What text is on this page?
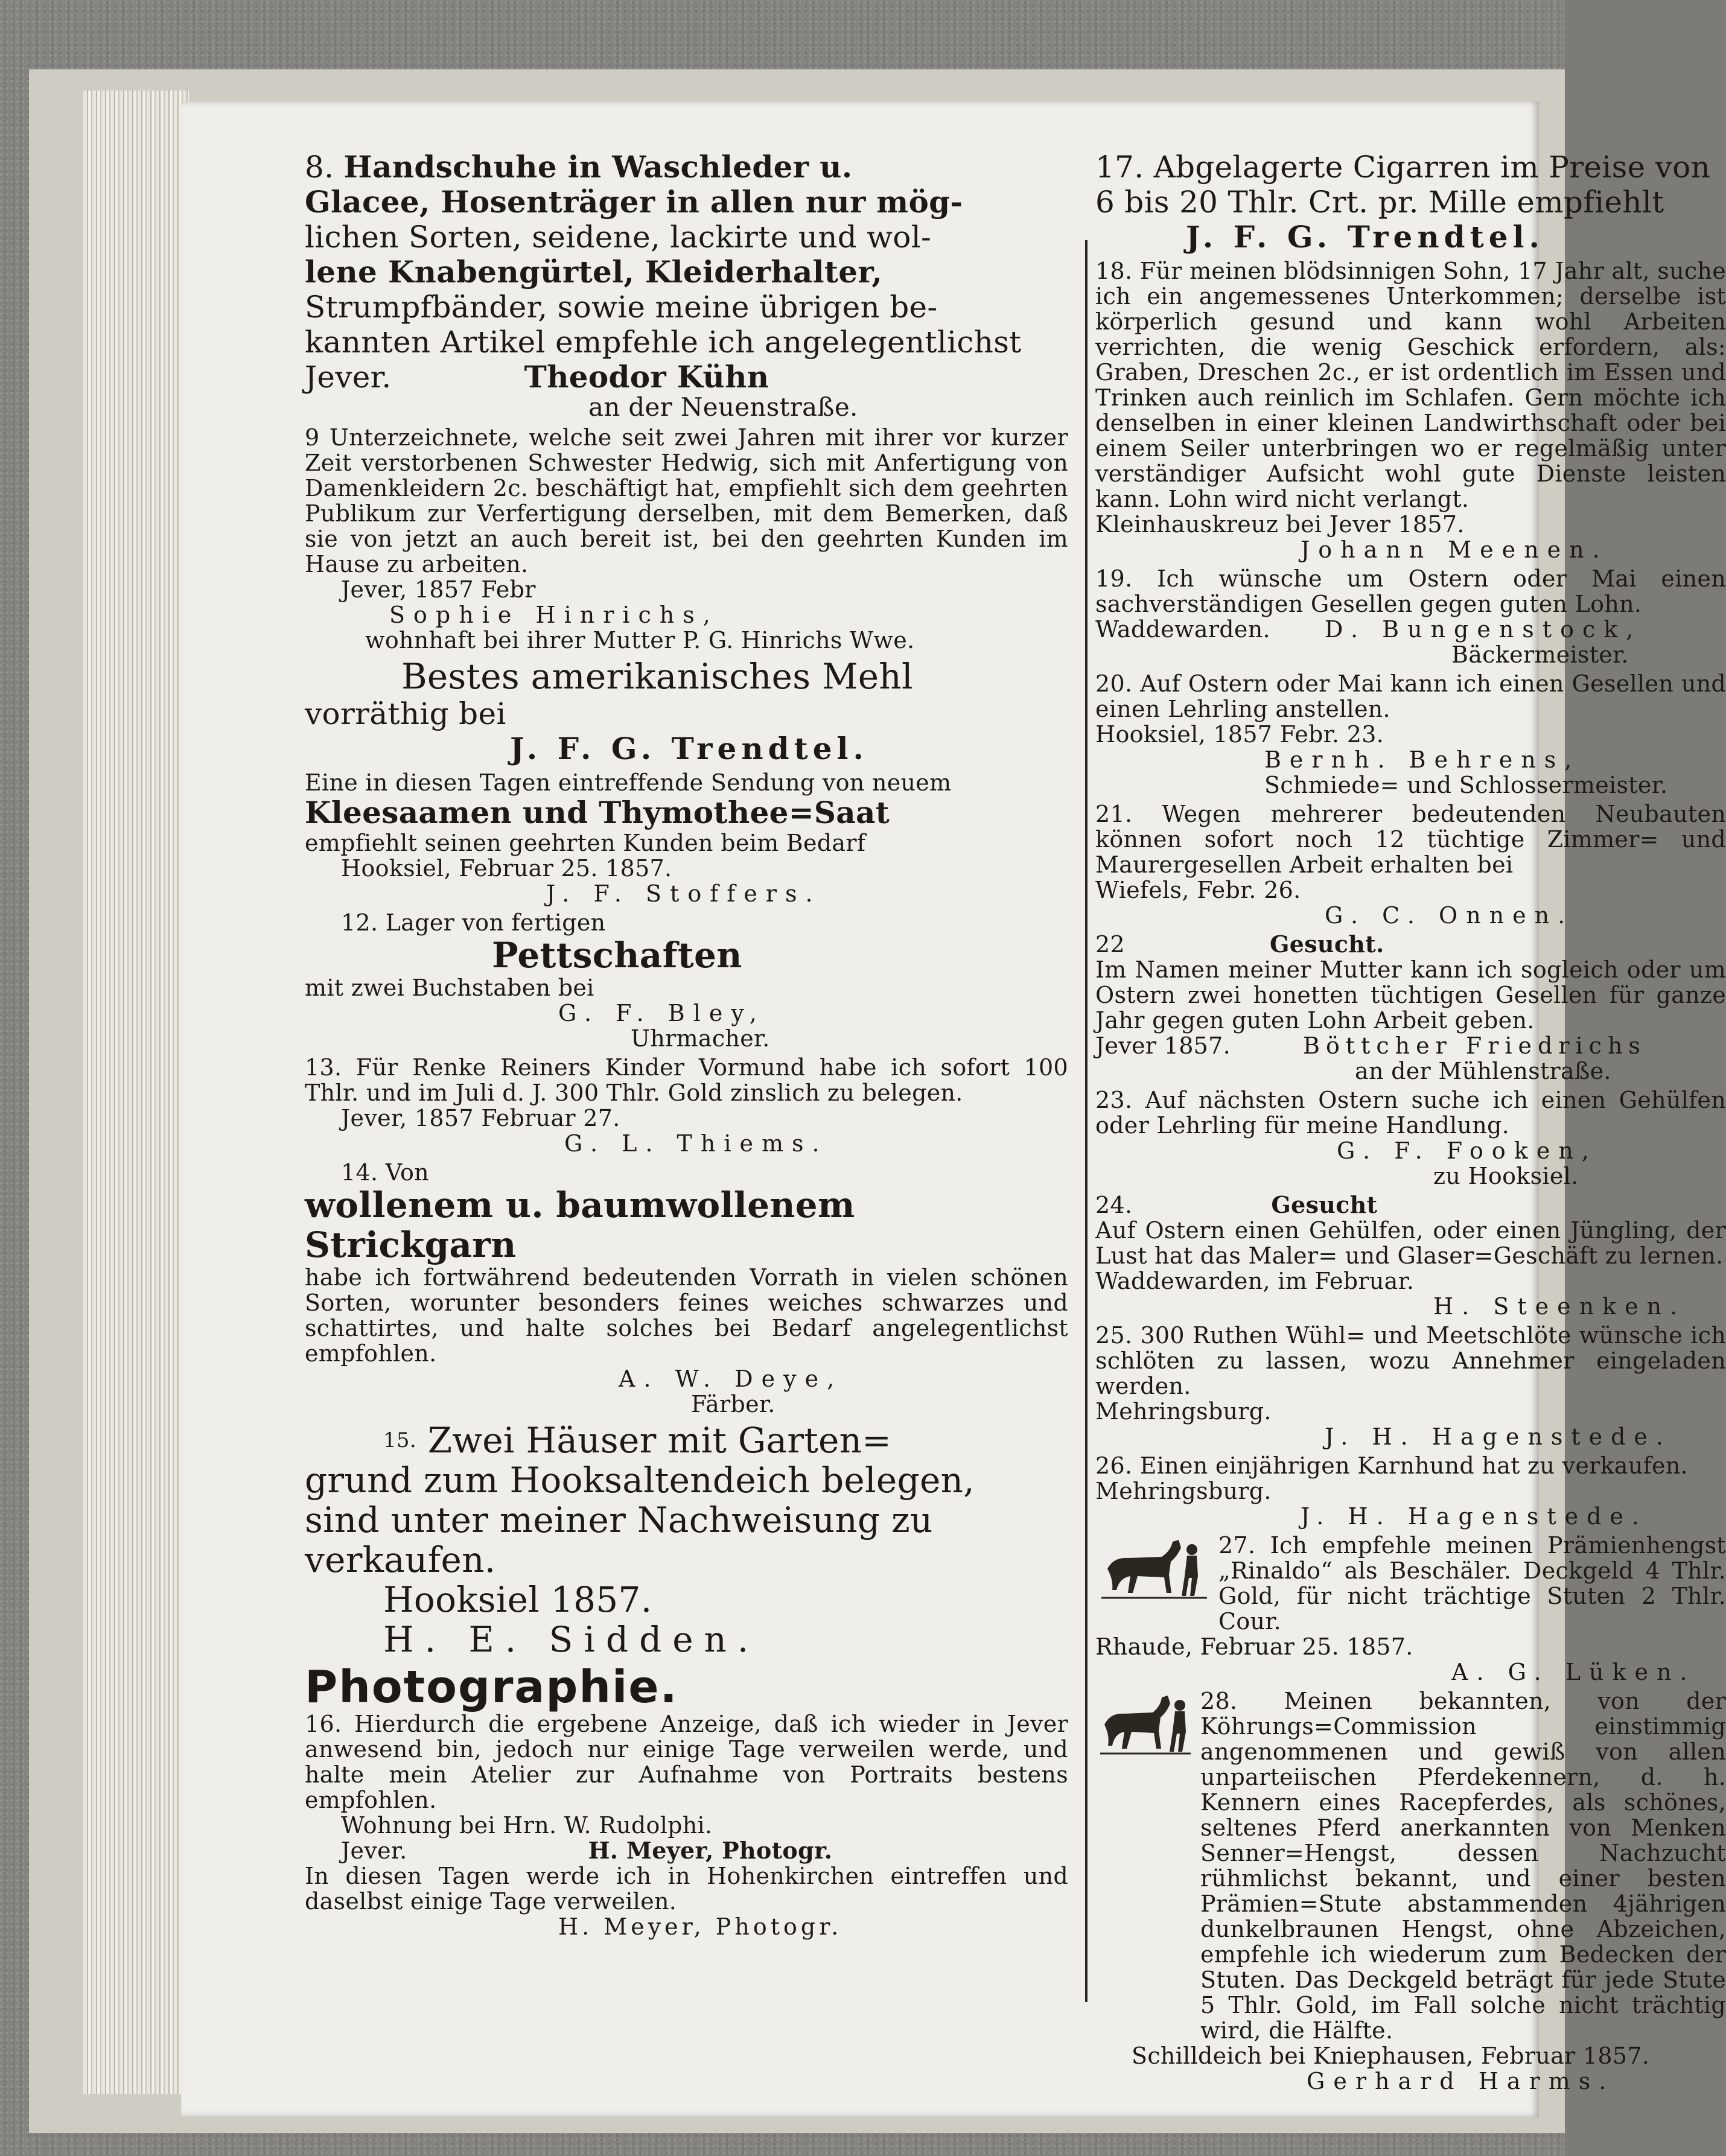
8. Handschuhe in Waschleder u.

Glacee, Hosenträger in allen nur mög-

lichen Sorten, seidene, lackirte und wol-

lene Knabengürtel, Kleiderhalter,

Strumpfbänder, sowie meine übrigen be-

kannten Artikel empfehle ich angelegentlichst

Jever.	Theodor Kühn

an der Neuenstraße.

9 Unterzeichnete, welche seit zwei Jahren mit ihrer vor kurzer Zeit verstorbenen Schwester Hedwig, sich mit Anfertigung von Damenkleidern 2c. beschäftigt hat, empfiehlt sich dem geehrten Publikum zur Verfertigung derselben, mit dem Bemerken, daß sie von jetzt an auch bereit ist, bei den geehrten Kunden im Hause zu arbeiten.

Jever, 1857 Febr

Sophie Hinrichs,

wohnhaft bei ihrer Mutter P. G. Hinrichs Wwe.

Bestes amerikanisches Mehl

vorräthig bei

J. F. G. Trendtel.

Eine in diesen Tagen eintreffende Sendung von neuem

Kleesaamen und Thymothee=Saat

empfiehlt seinen geehrten Kunden beim Bedarf

Hooksiel, Februar 25. 1857.

J. F. Stoffers.

12. Lager von fertigen

Pettschaften

mit zwei Buchstaben bei

G. F. Bley,

Uhrmacher.

13. Für Renke Reiners Kinder Vormund habe ich sofort 100 Thlr. und im Juli d. J. 300 Thlr. Gold zinslich zu belegen.

Jever, 1857 Februar 27.

G. L. Thiems.

14. Von

wollenem u. baumwollenem Strickgarn

habe ich fortwährend bedeutenden Vorrath in vielen schönen Sorten, worunter besonders feines weiches schwarzes und schattirtes, und halte solches bei Bedarf angelegentlichst empfohlen.

A. W. Deye,

Färber.

$^{15.}$ Zwei Häuser mit Garten=

grund zum Hooksaltendeich belegen,

sind unter meiner Nachweisung zu

verkaufen.

Hooksiel 1857.

H. E. Sidden.

Photographie.

16. Hierdurch die ergebene Anzeige, daß ich wieder in Jever anwesend bin, jedoch nur einige Tage verweilen werde, und halte mein Atelier zur Aufnahme von Portraits bestens empfohlen.

Wohnung bei Hrn. W. Rudolphi.

Jever.	H. Meyer, Photogr.

In diesen Tagen werde ich in Hohenkirchen eintreffen und daselbst einige Tage verweilen.

H. Meyer, Photogr.

17. Abgelagerte Cigarren im Preise von

6 bis 20 Thlr. Crt. pr. Mille empfiehlt

J. F. G. Trendtel.

18. Für meinen blödsinnigen Sohn, 17 Jahr alt, suche ich ein angemessenes Unterkommen; derselbe ist körperlich gesund und kann wohl Arbeiten verrichten, die wenig Geschick erfordern, als: Graben, Dreschen 2c., er ist ordentlich im Essen und Trinken auch reinlich im Schlafen. Gern möchte ich denselben in einer kleinen Landwirthschaft oder bei einem Seiler unterbringen wo er regelmäßig unter verständiger Aufsicht wohl gute Dienste leisten kann. Lohn wird nicht verlangt.

Kleinhauskreuz bei Jever 1857.

Johann Meenen.

19. Ich wünsche um Ostern oder Mai einen sachverständigen Gesellen gegen guten Lohn.

Waddewarden. D. Bungenstock,

Bäckermeister.

20. Auf Ostern oder Mai kann ich einen Gesellen und einen Lehrling anstellen.

Hooksiel, 1857 Febr. 23.

Bernh. Behrens,

Schmiede= und Schlossermeister.

21. Wegen mehrerer bedeutenden Neubauten können sofort noch 12 tüchtige Zimmer= und Maurergesellen Arbeit erhalten bei

Wiefels, Febr. 26.

G. C. Onnen.

22	Gesucht.

Im Namen meiner Mutter kann ich sogleich oder um Ostern zwei honetten tüchtigen Gesellen für ganze Jahr gegen guten Lohn Arbeit geben.

Jever 1857.	Böttcher Friedrichs

an der Mühlenstraße.

23. Auf nächsten Ostern suche ich einen Gehülfen oder Lehrling für meine Handlung.

G. F. Fooken,

zu Hooksiel.

24.	Gesucht

Auf Ostern einen Gehülfen, oder einen Jüngling, der Lust hat das Maler= und Glaser=Geschäft zu lernen.

Waddewarden, im Februar.

H. Steenken.

25. 300 Ruthen Wühl= und Meetschlöte wünsche ich schlöten zu lassen, wozu Annehmer eingeladen werden.

Mehringsburg.

J. H. Hagenstede.

26. Einen einjährigen Karnhund hat zu verkaufen.

Mehringsburg.

J. H. Hagenstede.

27. Ich empfehle meinen Prämienhengst „Rinaldo“ als Beschäler. Deckgeld 4 Thlr. Gold, für nicht trächtige Stuten 2 Thlr. Cour.

Rhaude, Februar 25. 1857.

A. G. Lüken.

28. Meinen bekannten, von der Köhrungs=Commission einstimmig angenommenen und gewiß von allen unparteiischen Pferdekennern, d. h. Kennern eines Racepferdes, als schönes, seltenes Pferd anerkannten von Menken Senner=Hengst, dessen Nachzucht rühmlichst bekannt, und einer besten Prämien=Stute abstammenden 4jährigen dunkelbraunen Hengst, ohne Abzeichen, empfehle ich wiederum zum Bedecken der Stuten. Das Deckgeld beträgt für jede Stute 5 Thlr. Gold, im Fall solche nicht trächtig wird, die Hälfte.

Schilldeich bei Kniephausen, Februar 1857.

Gerhard Harms.
